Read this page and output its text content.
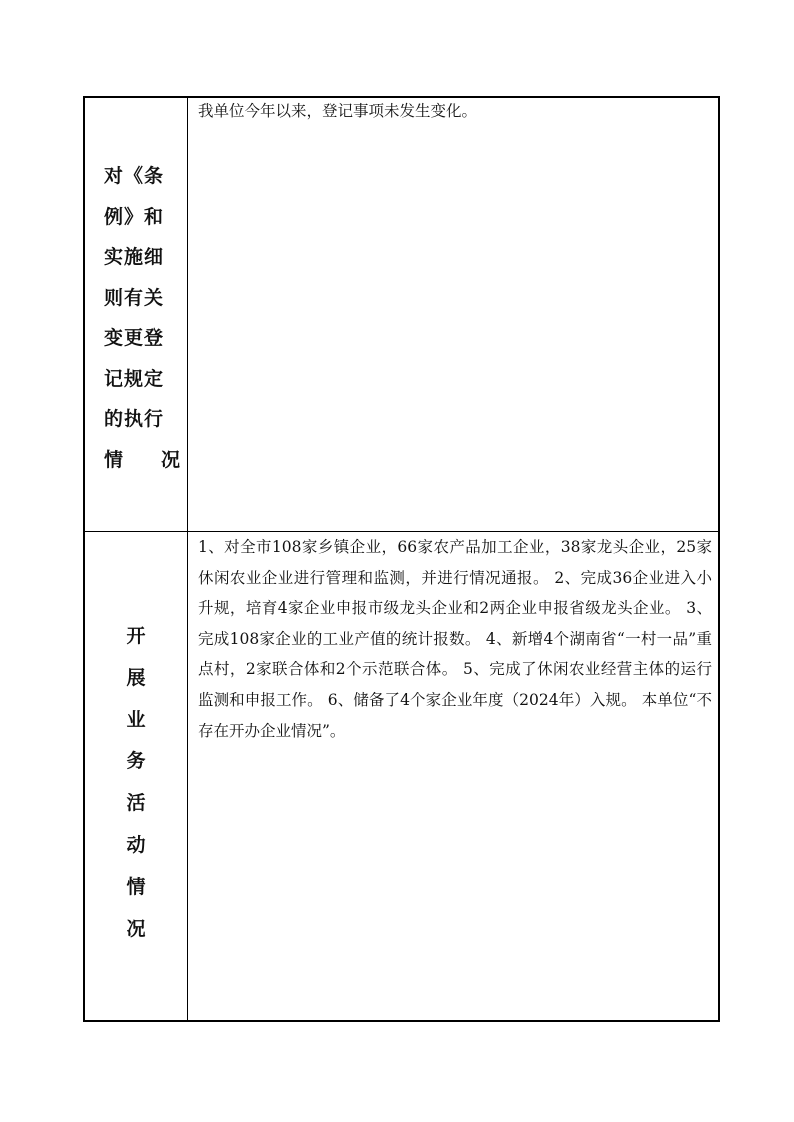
对《条
例》和
实施细
则有关
变更登
记规定
的执行
情 况
我单位今年以来，登记事项未发生变化。
开
展
业
务
活
动
情
况
1、对全市108家乡镇企业，66家农产品加工企业，38家龙头企业，25家休闲农业企业进行管理和监测，并进行情况通报。 2、完成36企业进入小升规，培育4家企业申报市级龙头企业和2两企业申报省级龙头企业。 3、完成108家企业的工业产值的统计报数。 4、新增4个湖南省“一村一品”重点村，2家联合体和2个示范联合体。 5、完成了休闲农业经营主体的运行监测和申报工作。 6、储备了4个家企业年度（2024年）入规。 本单位“不存在开办企业情况”。
